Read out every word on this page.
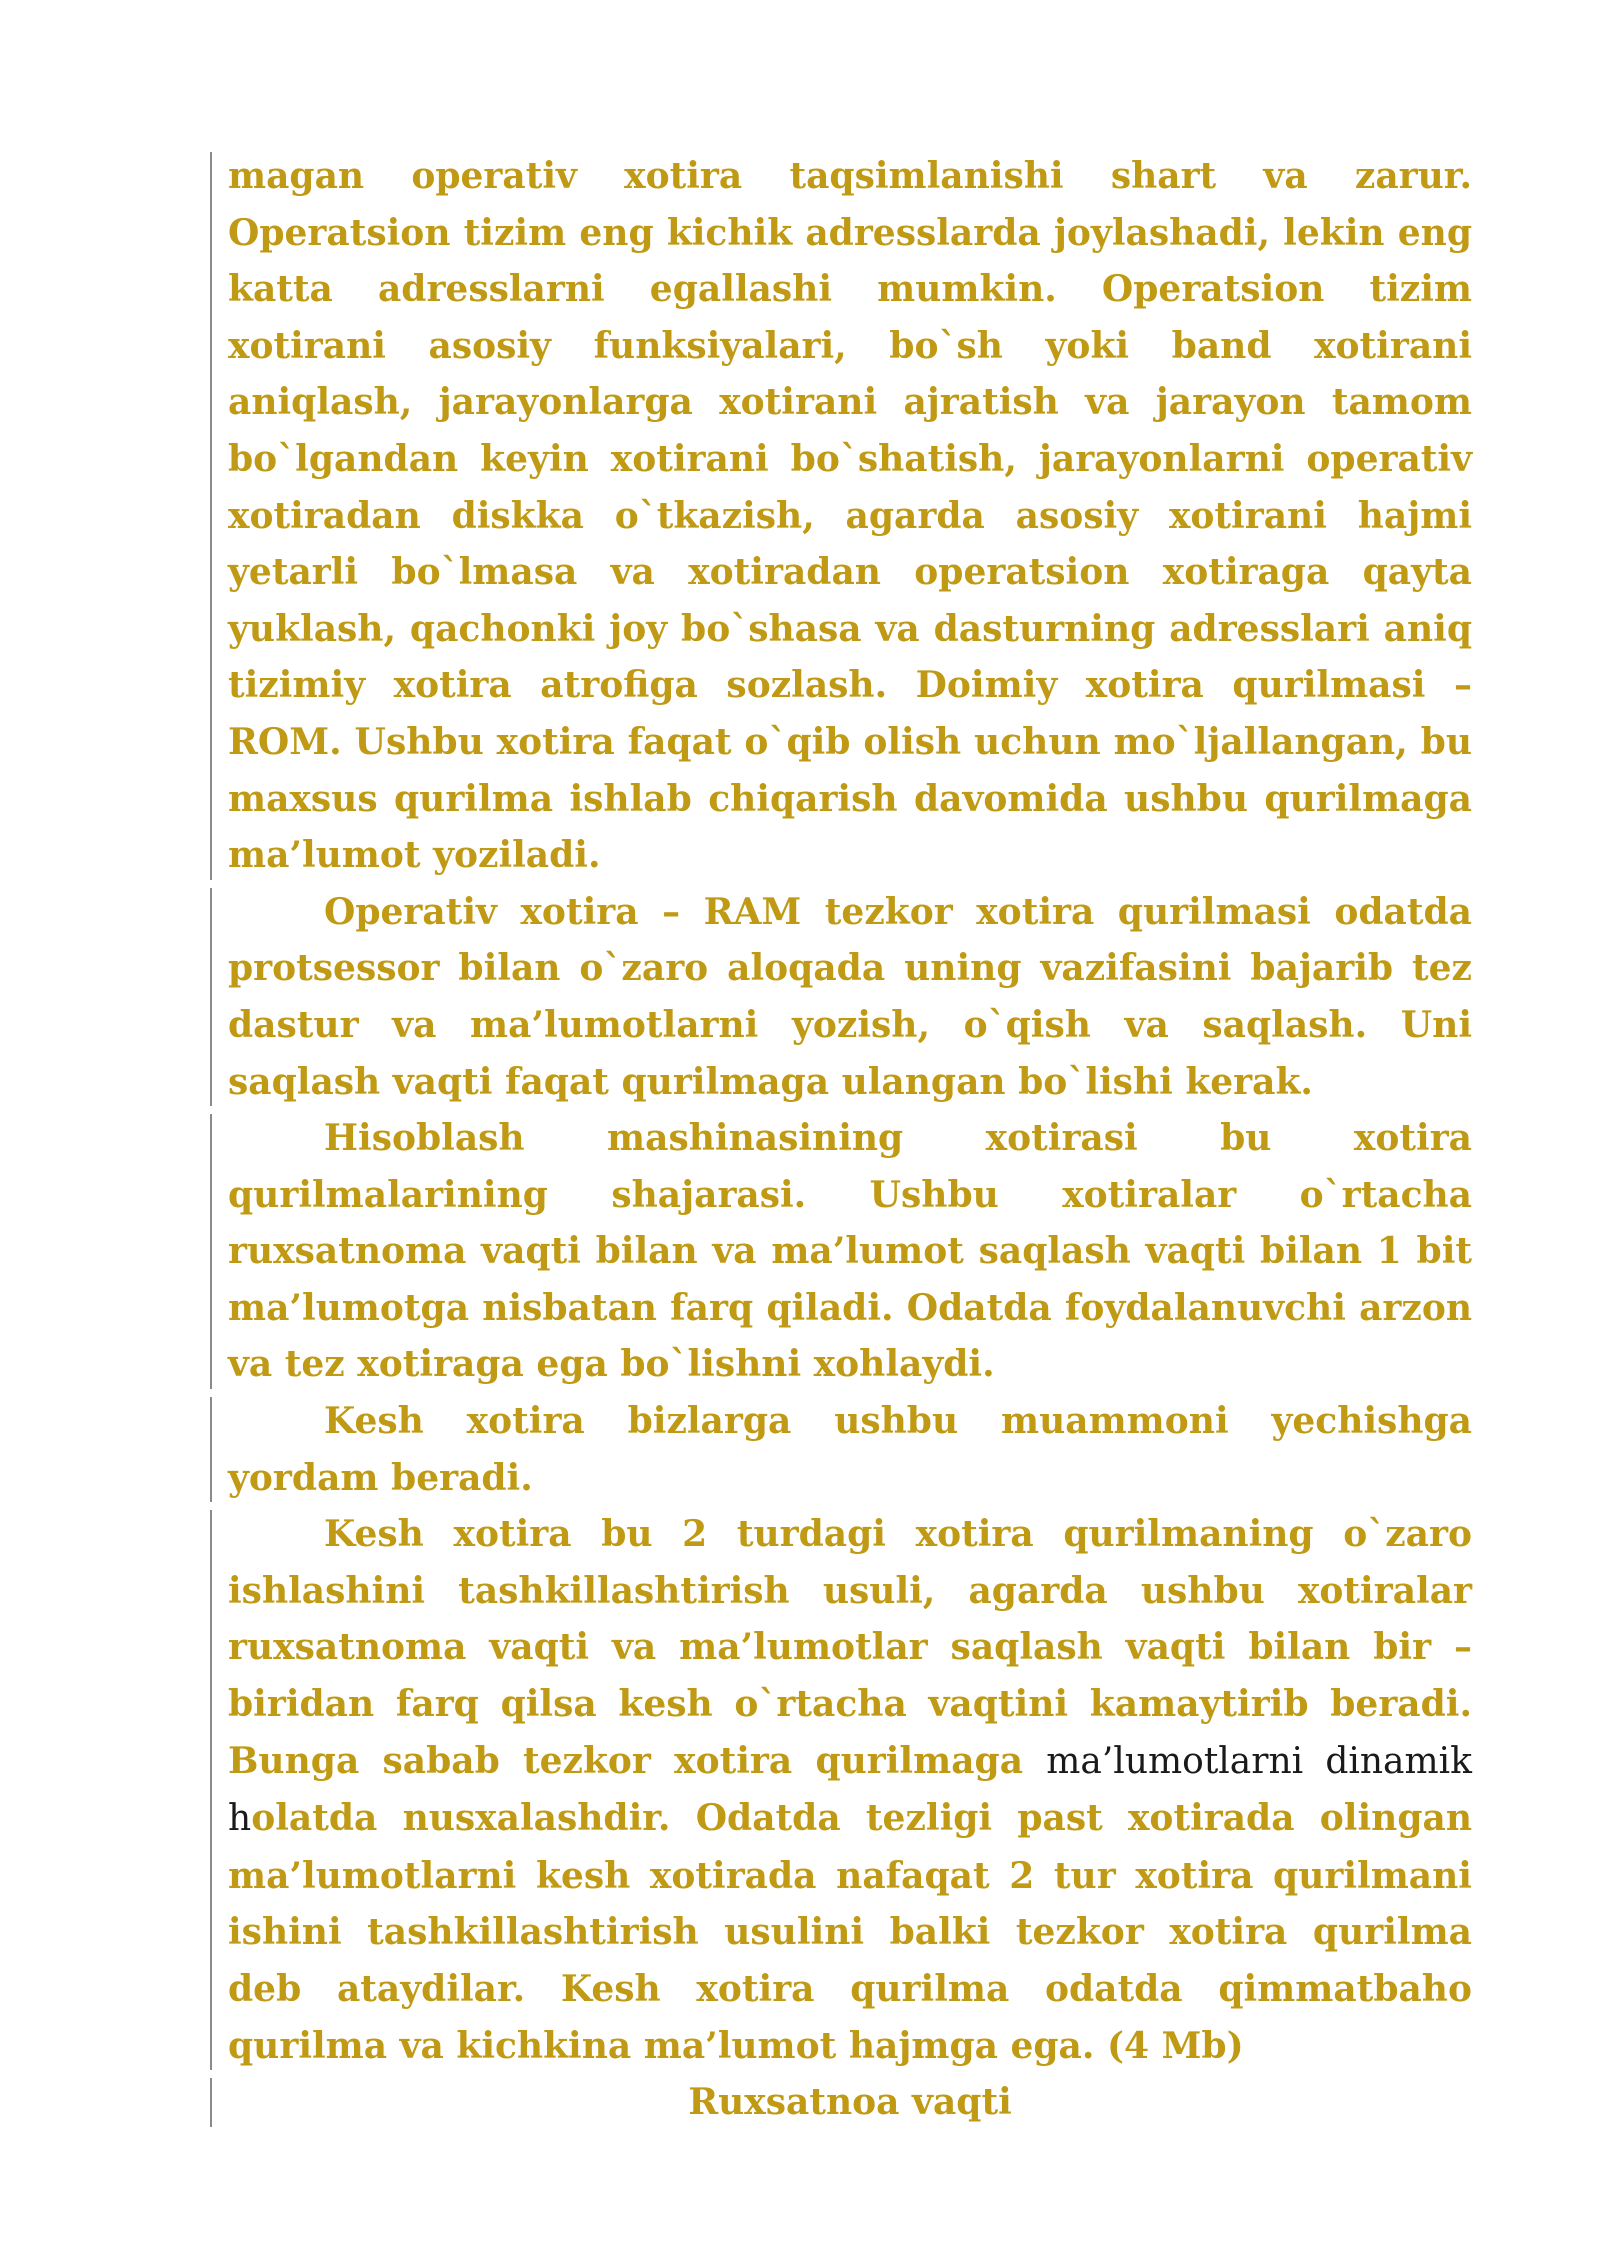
magan operativ xotira taqsimlanishi shart va zarur. Operatsion tizim eng kichik adresslarda joylashadi, lekin eng katta adresslarni egallashi mumkin. Operatsion tizim xotirani asosiy funksiyalari, bo`sh yoki band xotirani aniqlash, jarayonlarga xotirani ajratish va jarayon tamom bo`lgandan keyin xotirani bo`shatish, jarayonlarni operativ xotiradan diskka o`tkazish, agarda asosiy xotirani hajmi yetarli bo`lmasa va xotiradan operatsion xotiraga qayta yuklash, qachonki joy bo`shasa va dasturning adresslari aniq tizimiy xotira atrofiga sozlash. Doimiy xotira qurilmasi – ROM. Ushbu xotira faqat o`qib olish uchun mo`ljallangan, bu maxsus qurilma ishlab chiqarish davomida ushbu qurilmaga ma’lumot yoziladi.

Operativ xotira – RAM tezkor xotira qurilmasi odatda protsessor bilan o`zaro aloqada uning vazifasini bajarib tez dastur va ma’lumotlarni yozish, o`qish va saqlash. Uni saqlash vaqti faqat qurilmaga ulangan bo`lishi kerak.

Hisoblash mashinasining xotirasi bu xotira qurilmalarining shajarasi. Ushbu xotiralar o`rtacha ruxsatnoma vaqti bilan va ma’lumot saqlash vaqti bilan 1 bit ma’lumotga nisbatan farq qiladi. Odatda foydalanuvchi arzon va tez xotiraga ega bo`lishni xohlaydi.

Kesh xotira bizlarga ushbu muammoni yechishga yordam beradi.

Kesh xotira bu 2 turdagi xotira qurilmaning o`zaro ishlashini tashkillashtirish usuli, agarda ushbu xotiralar ruxsatnoma vaqti va ma’lumotlar saqlash vaqti bilan bir – biridan farq qilsa kesh o`rtacha vaqtini kamaytirib beradi. Bunga sabab tezkor xotira qurilmaga ma’lumotlarni dinamik holatda nusxalashdir. Odatda tezligi past xotirada olingan ma’lumotlarni kesh xotirada nafaqat 2 tur xotira qurilmani ishini tashkillashtirish usulini balki tezkor xotira qurilma deb ataydilar. Kesh xotira qurilma odatda qimmatbaho qurilma va kichkina ma’lumot hajmga ega. (4 Mb)

Ruxsatnoa vaqti
